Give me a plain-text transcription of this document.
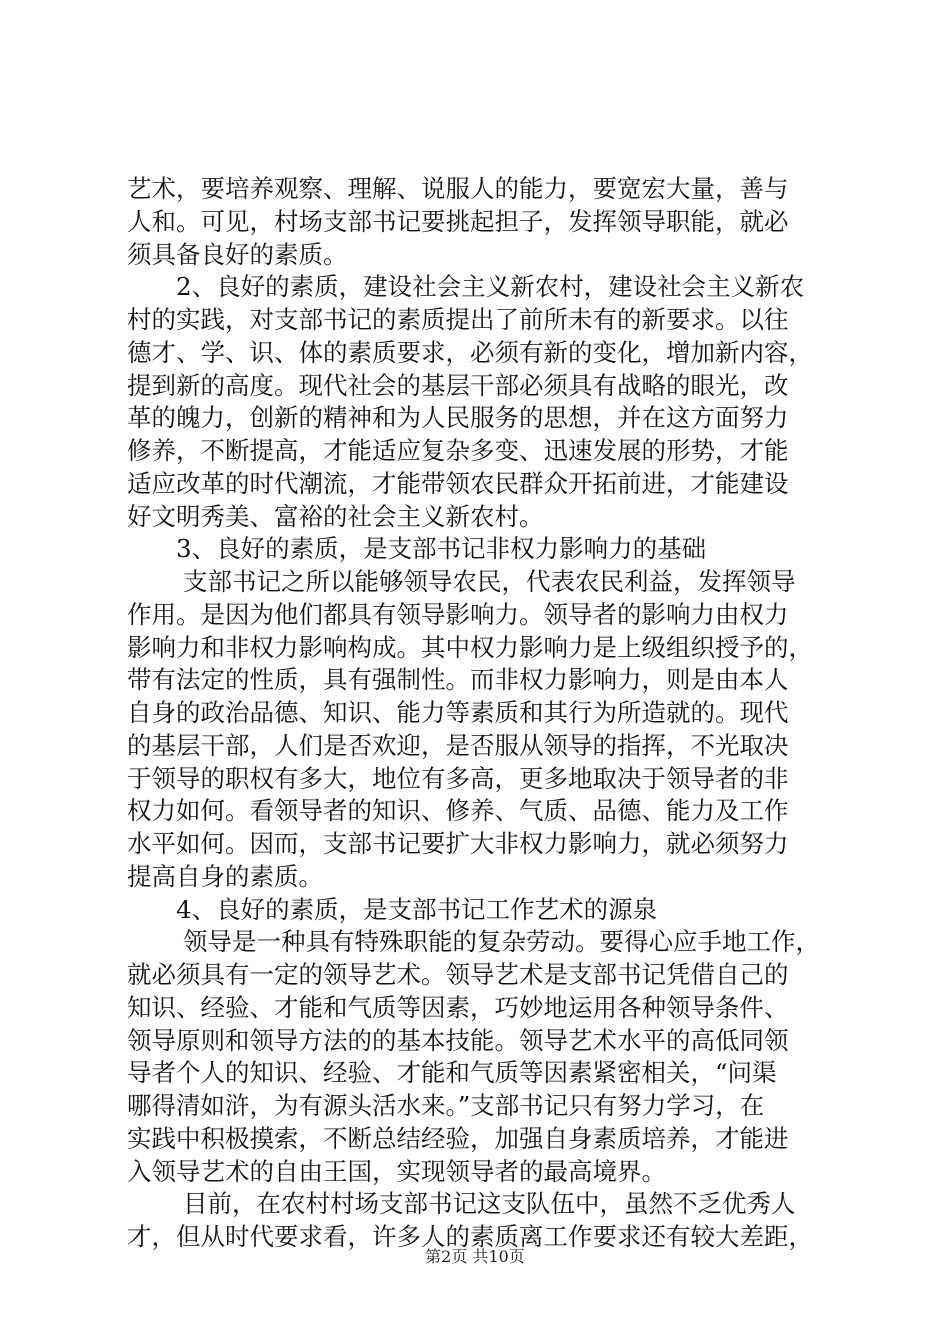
艺术，要培养观察、理解、说服人的能力，要宽宏大量，善与
人和。可见，村场支部书记要挑起担子，发挥领导职能，就必
须具备良好的素质。
2、良好的素质，建设社会主义新农村，建设社会主义新农
村的实践，对支部书记的素质提出了前所未有的新要求。以往
德才、学、识、体的素质要求，必须有新的变化，增加新内容，
提到新的高度。现代社会的基层干部必须具有战略的眼光，改
革的魄力，创新的精神和为人民服务的思想，并在这方面努力
修养，不断提高，才能适应复杂多变、迅速发展的形势，才能
适应改革的时代潮流，才能带领农民群众开拓前进，才能建设
好文明秀美、富裕的社会主义新农村。
3、良好的素质，是支部书记非权力影响力的基础
支部书记之所以能够领导农民，代表农民利益，发挥领导
作用。是因为他们都具有领导影响力。领导者的影响力由权力
影响力和非权力影响构成。其中权力影响力是上级组织授予的，
带有法定的性质，具有强制性。而非权力影响力，则是由本人
自身的政治品德、知识、能力等素质和其行为所造就的。现代
的基层干部，人们是否欢迎，是否服从领导的指挥，不光取决
于领导的职权有多大，地位有多高，更多地取决于领导者的非
权力如何。看领导者的知识、修养、气质、品德、能力及工作
水平如何。因而，支部书记要扩大非权力影响力，就必须努力
提高自身的素质。
4、良好的素质，是支部书记工作艺术的源泉
领导是一种具有特殊职能的复杂劳动。要得心应手地工作，
就必须具有一定的领导艺术。领导艺术是支部书记凭借自己的
知识、经验、才能和气质等因素，巧妙地运用各种领导条件、
领导原则和领导方法的的基本技能。领导艺术水平的高低同领
导者个人的知识、经验、才能和气质等因素紧密相关，“问渠
哪得清如浒，为有源头活水来。”支部书记只有努力学习，在
实践中积极摸索，不断总结经验，加强自身素质培养，才能进
入领导艺术的自由王国，实现领导者的最高境界。
目前，在农村村场支部书记这支队伍中，虽然不乏优秀人
才，但从时代要求看，许多人的素质离工作要求还有较大差距，
第2页 共10页
